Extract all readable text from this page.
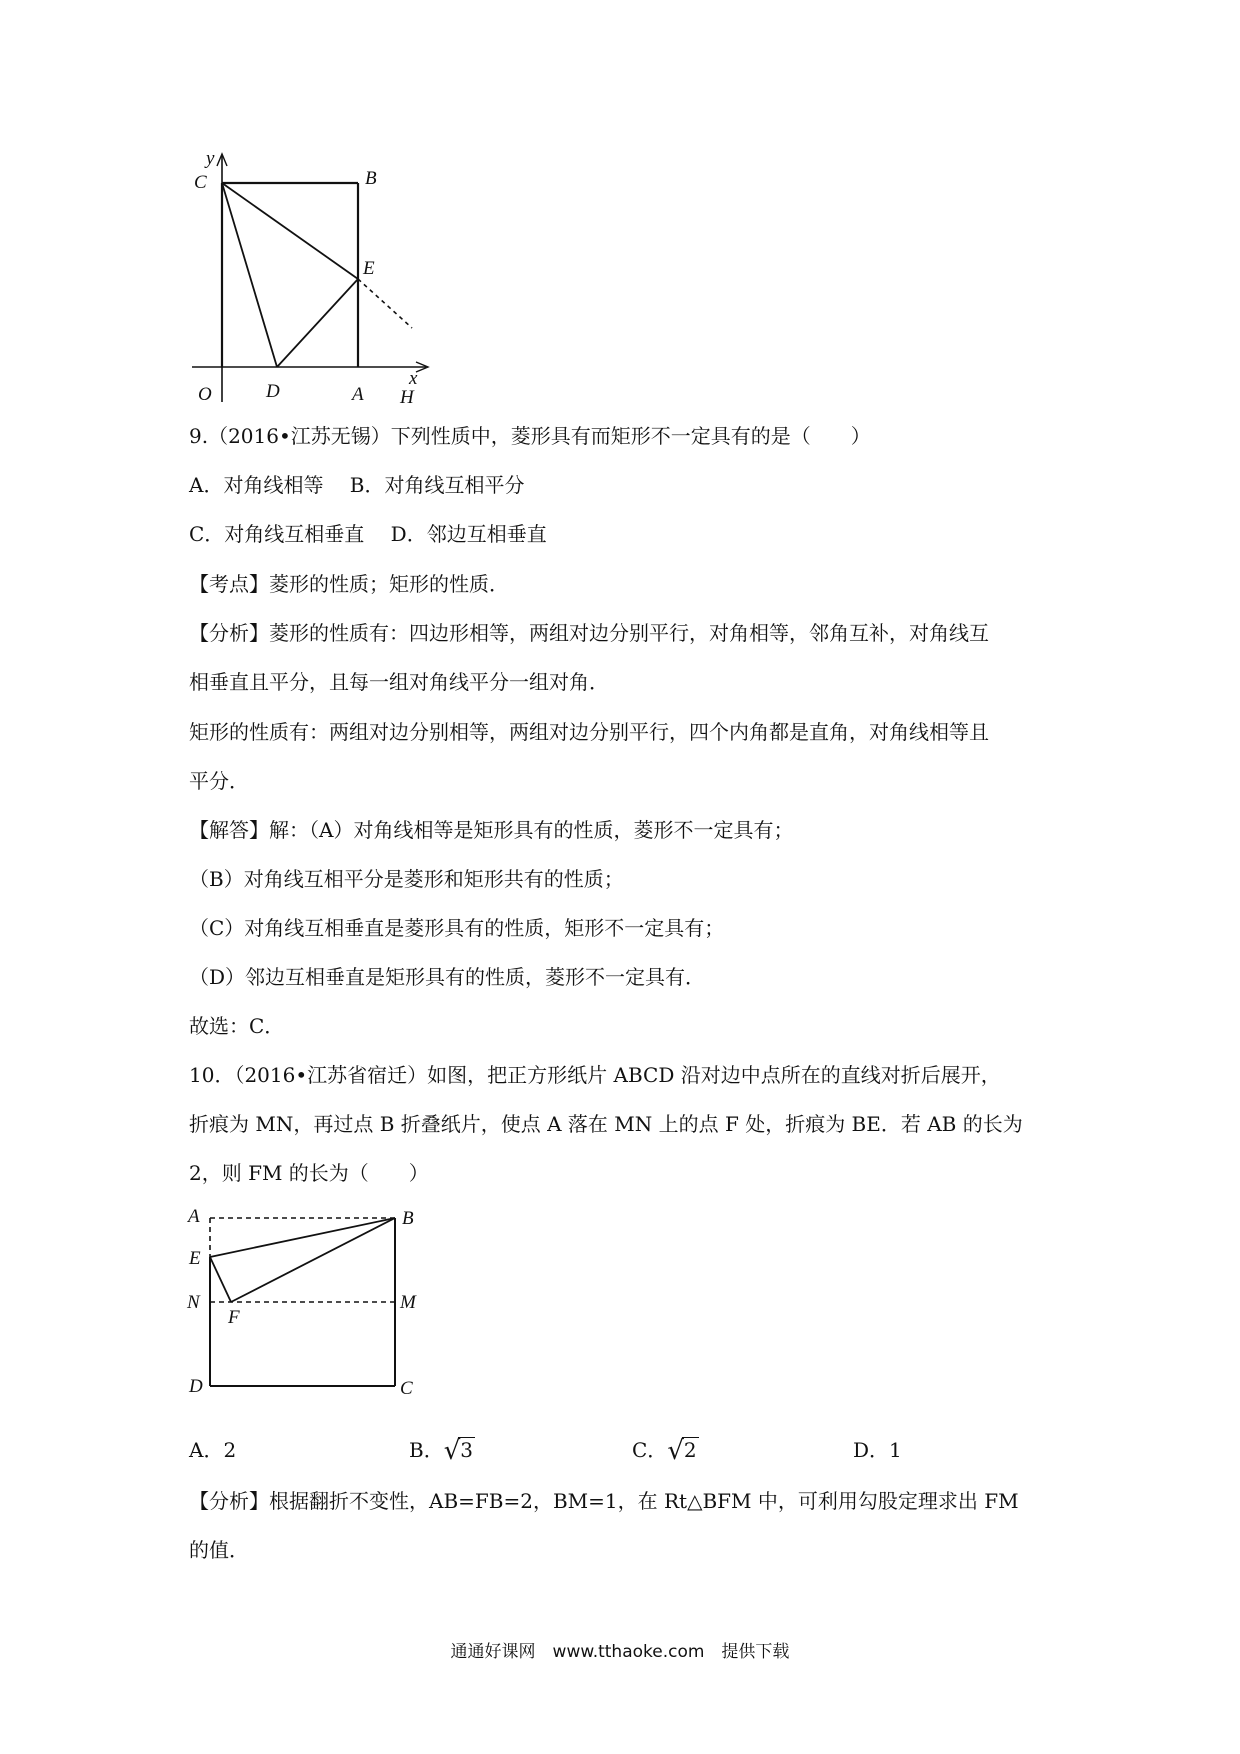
y
x
C	B
E
O	D	A H
9.（2016•江苏无锡）下列性质中，菱形具有而矩形不一定具有的是（　　）
A．对角线相等　 B．对角线互相平分
C．对角线互相垂直　 D．邻边互相垂直
【考点】菱形的性质；矩形的性质．
【分析】菱形的性质有：四边形相等，两组对边分别平行，对角相等，邻角互补，对角线互
相垂直且平分，且每一组对角线平分一组对角．
矩形的性质有：两组对边分别相等，两组对边分别平行，四个内角都是直角，对角线相等且
平分．
【解答】解：（A）对角线相等是矩形具有的性质，菱形不一定具有；
（B）对角线互相平分是菱形和矩形共有的性质；
（C）对角线互相垂直是菱形具有的性质，矩形不一定具有；
（D）邻边互相垂直是矩形具有的性质，菱形不一定具有．
故选：C．
10．（2016•江苏省宿迁）如图，把正方形纸片 ABCD 沿对边中点所在的直线对折后展开，
折痕为 MN，再过点 B 折叠纸片，使点 A 落在 MN 上的点 F 处，折痕为 BE．若 AB 的长为
2，则 FM 的长为（　　）
A	B
E
N
F
M
D	C
A．2	B．√3	C．√2	D．1
【分析】根据翻折不变性，AB=FB=2，BM=1，在 Rt△BFM 中，可利用勾股定理求出 FM
的值．
通通好课网　www.tthaoke.com　提供下载
